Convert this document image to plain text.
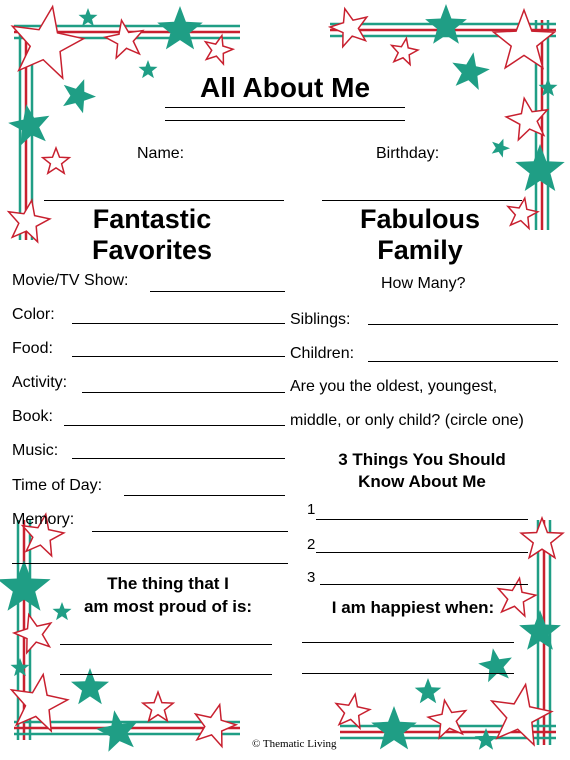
All About Me
Name:	Birthday:
Fantastic
Favorites
Fabulous
Family
Movie/TV Show:
Color:
Food:
Activity:
Book:
Music:
Time of Day:
Memory:
The thing that I
am most proud of is:
How Many?
Siblings:
Children:
Are you the oldest, youngest,
middle, or only child? (circle one)
3 Things You Should
Know About Me
1
2
3
I am happiest when:
© Thematic Living
